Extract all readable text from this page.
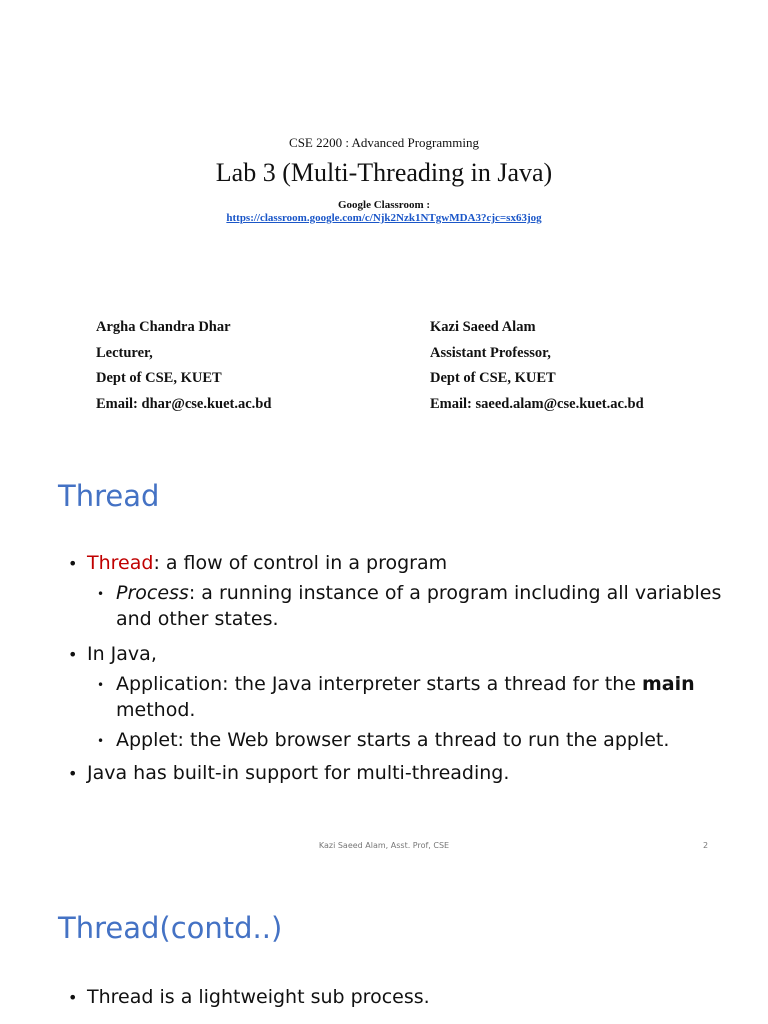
CSE 2200 : Advanced Programming
Lab 3 (Multi-Threading in Java)
Google Classroom :
https://classroom.google.com/c/Njk2Nzk1NTgwMDA3?cjc=sx63jog
Argha Chandra Dhar
Lecturer,
Dept of CSE, KUET
Email: dhar@cse.kuet.ac.bd
Kazi Saeed Alam
Assistant Professor,
Dept of CSE, KUET
Email: saeed.alam@cse.kuet.ac.bd
Thread
• Thread: a flow of control in a program
• Process: a running instance of a program including all variables and other states.
• In Java,
• Application: the Java interpreter starts a thread for the main method.
• Applet: the Web browser starts a thread to run the applet.
• Java has built-in support for multi-threading.
Kazi Saeed Alam, Asst. Prof, CSE	2
Thread(contd..)
• Thread is a lightweight sub process.
